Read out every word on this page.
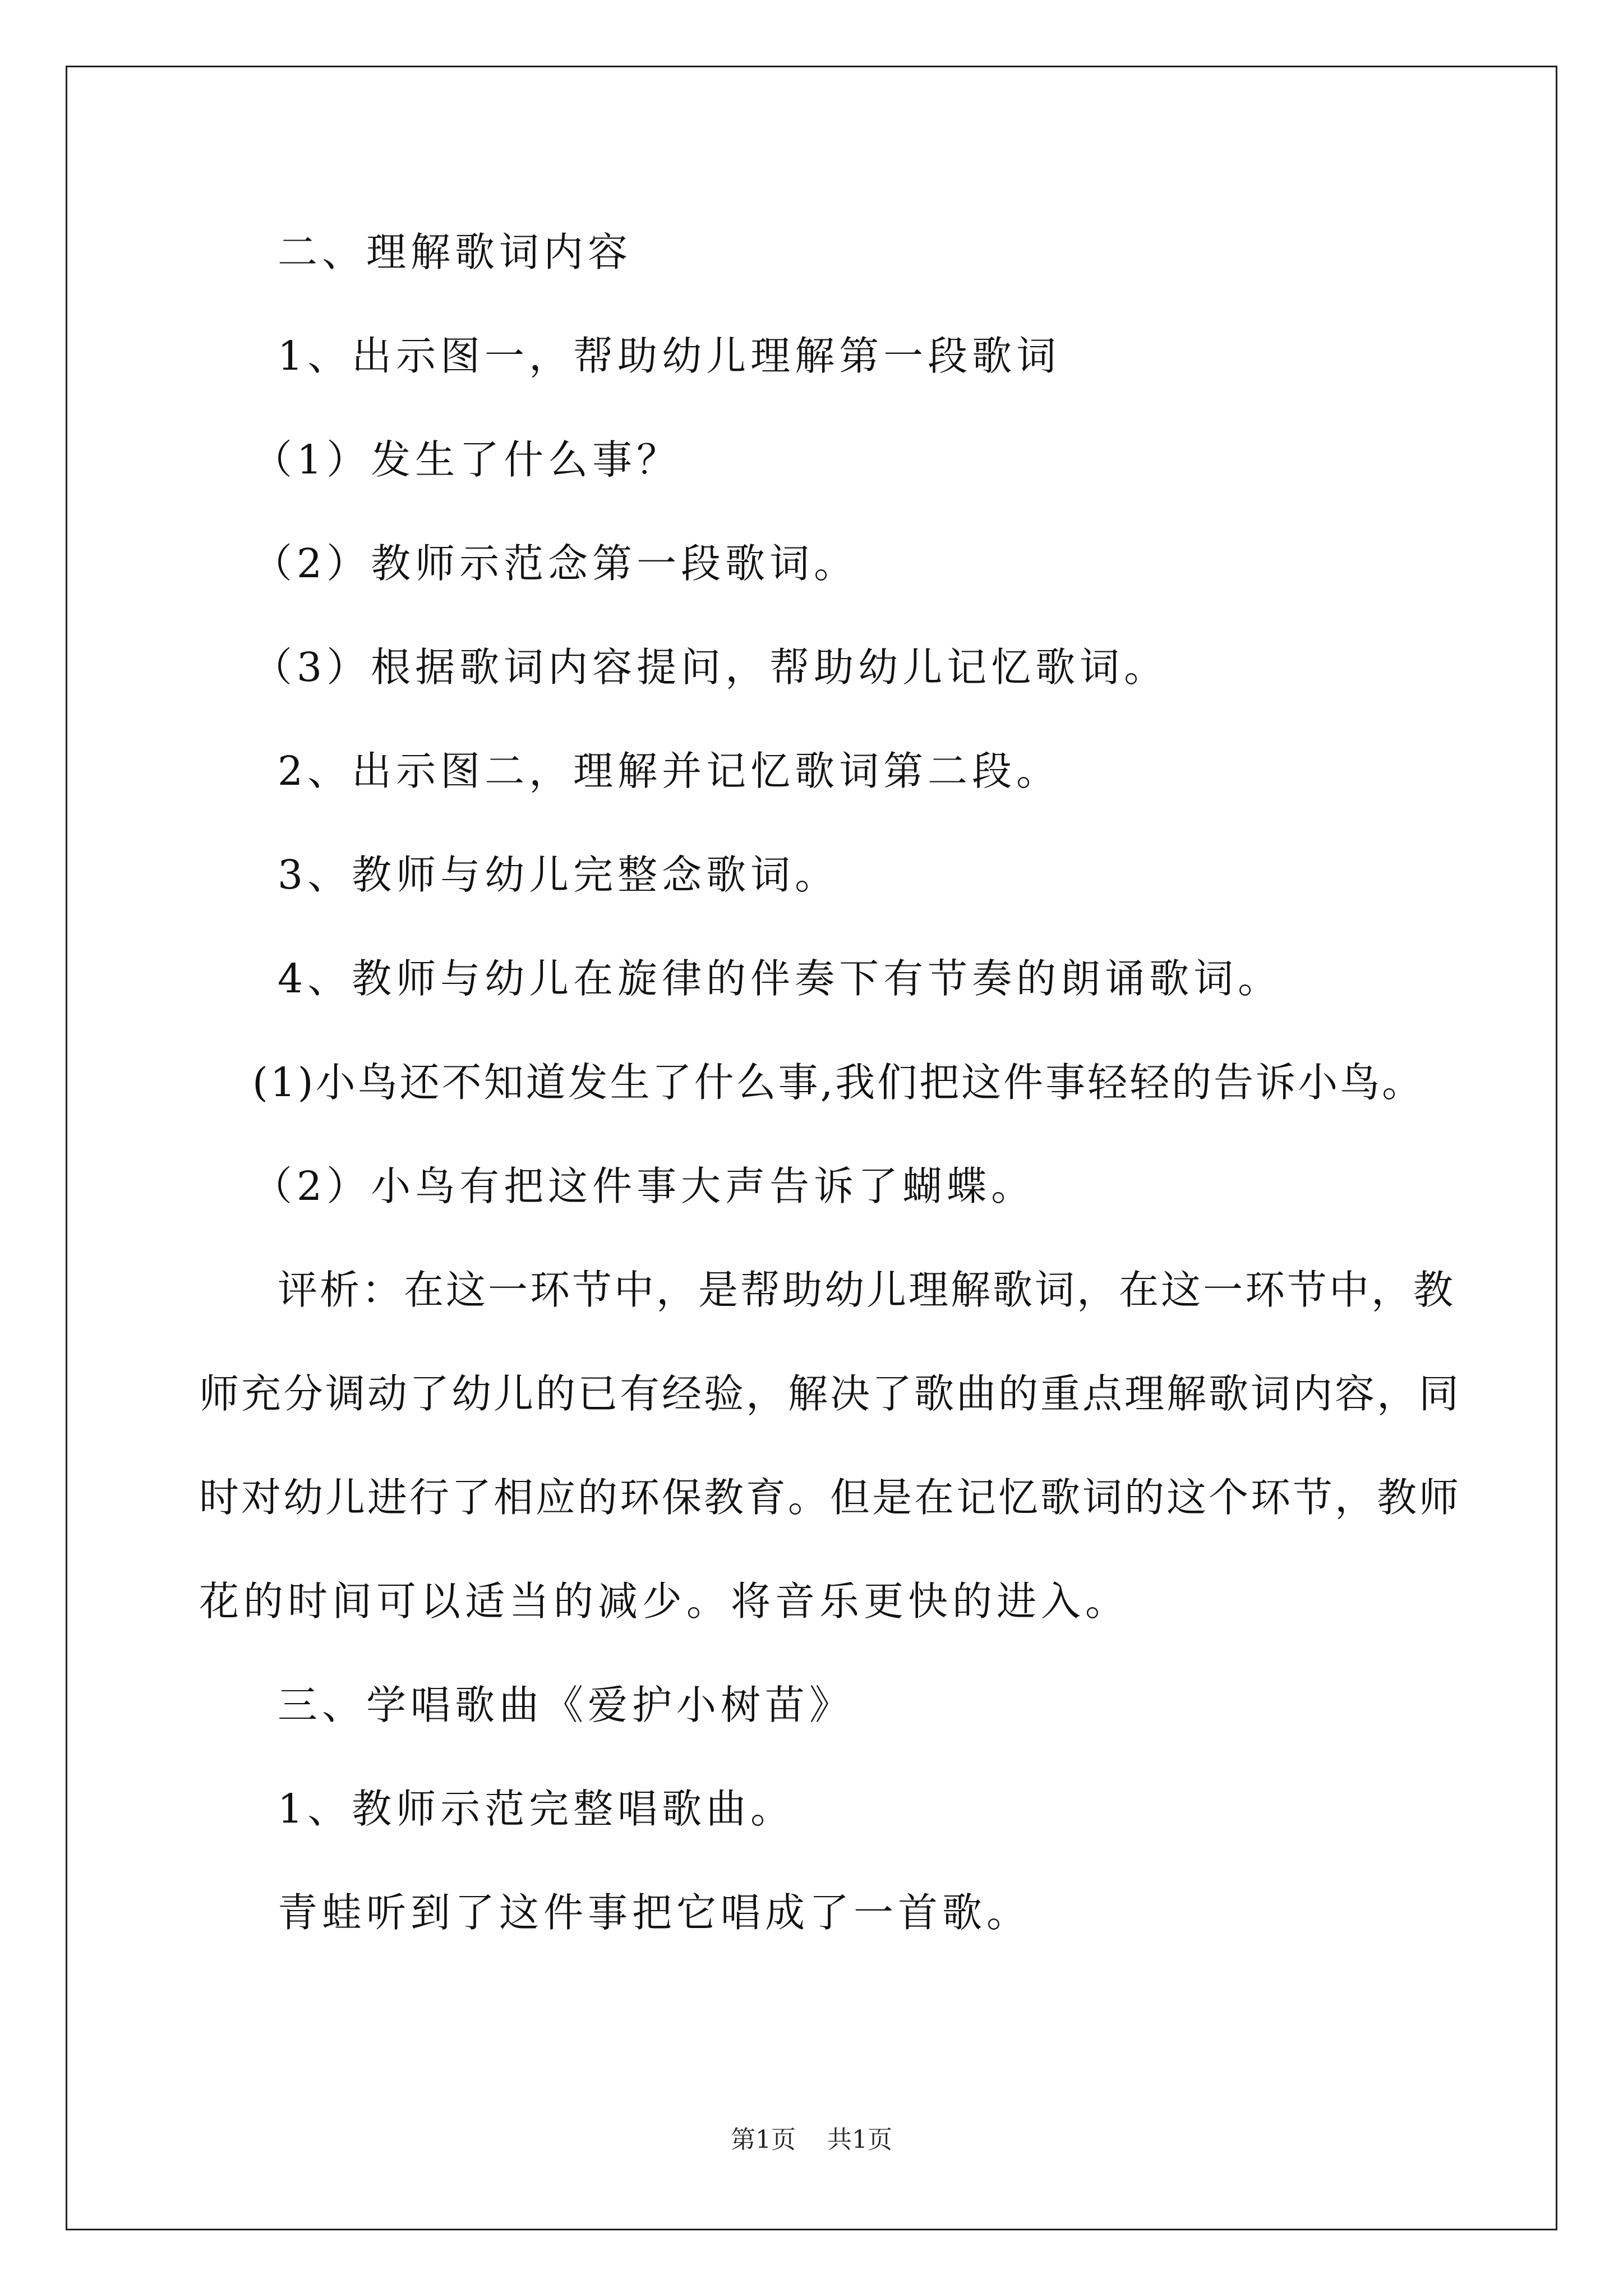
二、理解歌词内容
1、出示图一，帮助幼儿理解第一段歌词
（1）发生了什么事？
（2）教师示范念第一段歌词。
（3）根据歌词内容提问，帮助幼儿记忆歌词。
2、出示图二，理解并记忆歌词第二段。
3、教师与幼儿完整念歌词。
4、教师与幼儿在旋律的伴奏下有节奏的朗诵歌词。
(1)小鸟还不知道发生了什么事,我们把这件事轻轻的告诉小鸟。
（2）小鸟有把这件事大声告诉了蝴蝶。
评析：在这一环节中，是帮助幼儿理解歌词，在这一环节中，教
师充分调动了幼儿的已有经验，解决了歌曲的重点理解歌词内容，同
时对幼儿进行了相应的环保教育。但是在记忆歌词的这个环节，教师
花的时间可以适当的减少。将音乐更快的进入。
三、学唱歌曲《爱护小树苗》
1、教师示范完整唱歌曲。
青蛙听到了这件事把它唱成了一首歌。
第1页    共1页
